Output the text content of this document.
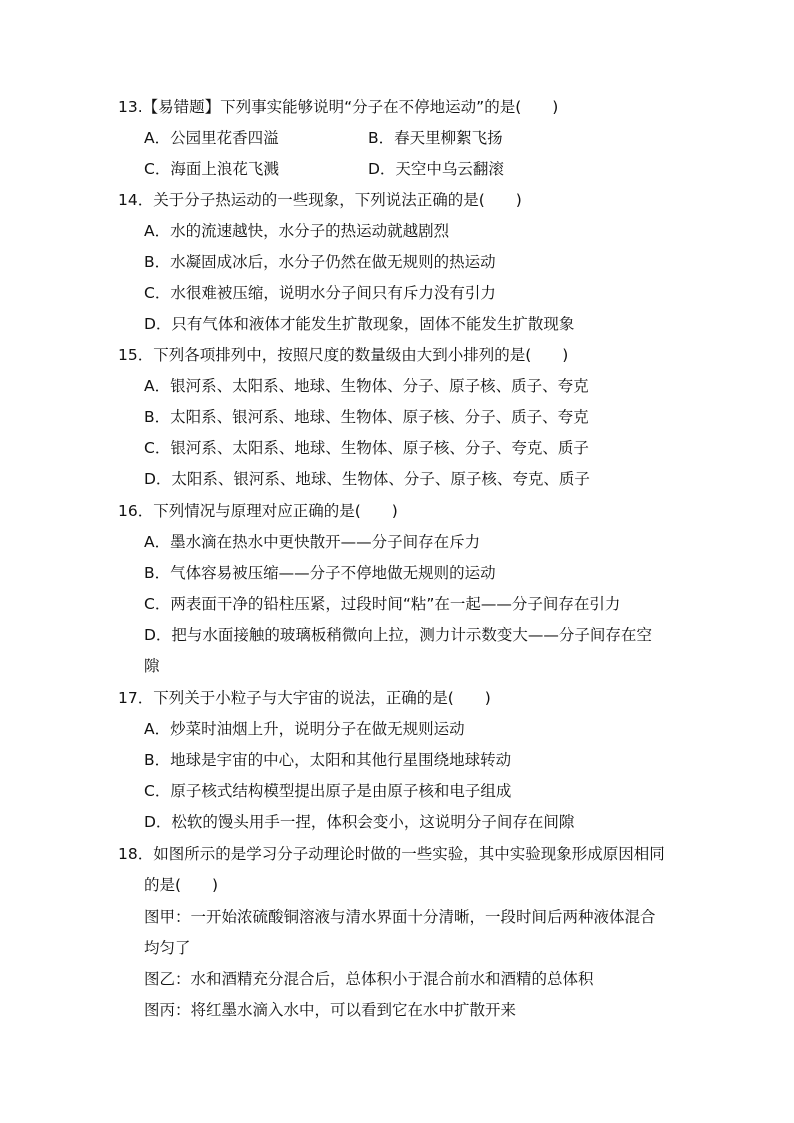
13.【易错题】下列事实能够说明“分子在不停地运动”的是(　　)
A．公园里花香四溢	B．春天里柳絮飞扬
C．海面上浪花飞溅	D．天空中乌云翻滚
14．关于分子热运动的一些现象，下列说法正确的是(　　)
A．水的流速越快，水分子的热运动就越剧烈
B．水凝固成冰后，水分子仍然在做无规则的热运动
C．水很难被压缩，说明水分子间只有斥力没有引力
D．只有气体和液体才能发生扩散现象，固体不能发生扩散现象
15．下列各项排列中，按照尺度的数量级由大到小排列的是(　　)
A．银河系、太阳系、地球、生物体、分子、原子核、质子、夸克
B．太阳系、银河系、地球、生物体、原子核、分子、质子、夸克
C．银河系、太阳系、地球、生物体、原子核、分子、夸克、质子
D．太阳系、银河系、地球、生物体、分子、原子核、夸克、质子
16．下列情况与原理对应正确的是(　　)
A．墨水滴在热水中更快散开——分子间存在斥力
B．气体容易被压缩——分子不停地做无规则的运动
C．两表面干净的铅柱压紧，过段时间“粘”在一起——分子间存在引力
D．把与水面接触的玻璃板稍微向上拉，测力计示数变大——分子间存在空
隙
17．下列关于小粒子与大宇宙的说法，正确的是(　　)
A．炒菜时油烟上升，说明分子在做无规则运动
B．地球是宇宙的中心，太阳和其他行星围绕地球转动
C．原子核式结构模型提出原子是由原子核和电子组成
D．松软的馒头用手一捏，体积会变小，这说明分子间存在间隙
18．如图所示的是学习分子动理论时做的一些实验，其中实验现象形成原因相同
的是(　　)
图甲：一开始浓硫酸铜溶液与清水界面十分清晰，一段时间后两种液体混合
均匀了
图乙：水和酒精充分混合后，总体积小于混合前水和酒精的总体积
图丙：将红墨水滴入水中，可以看到它在水中扩散开来
